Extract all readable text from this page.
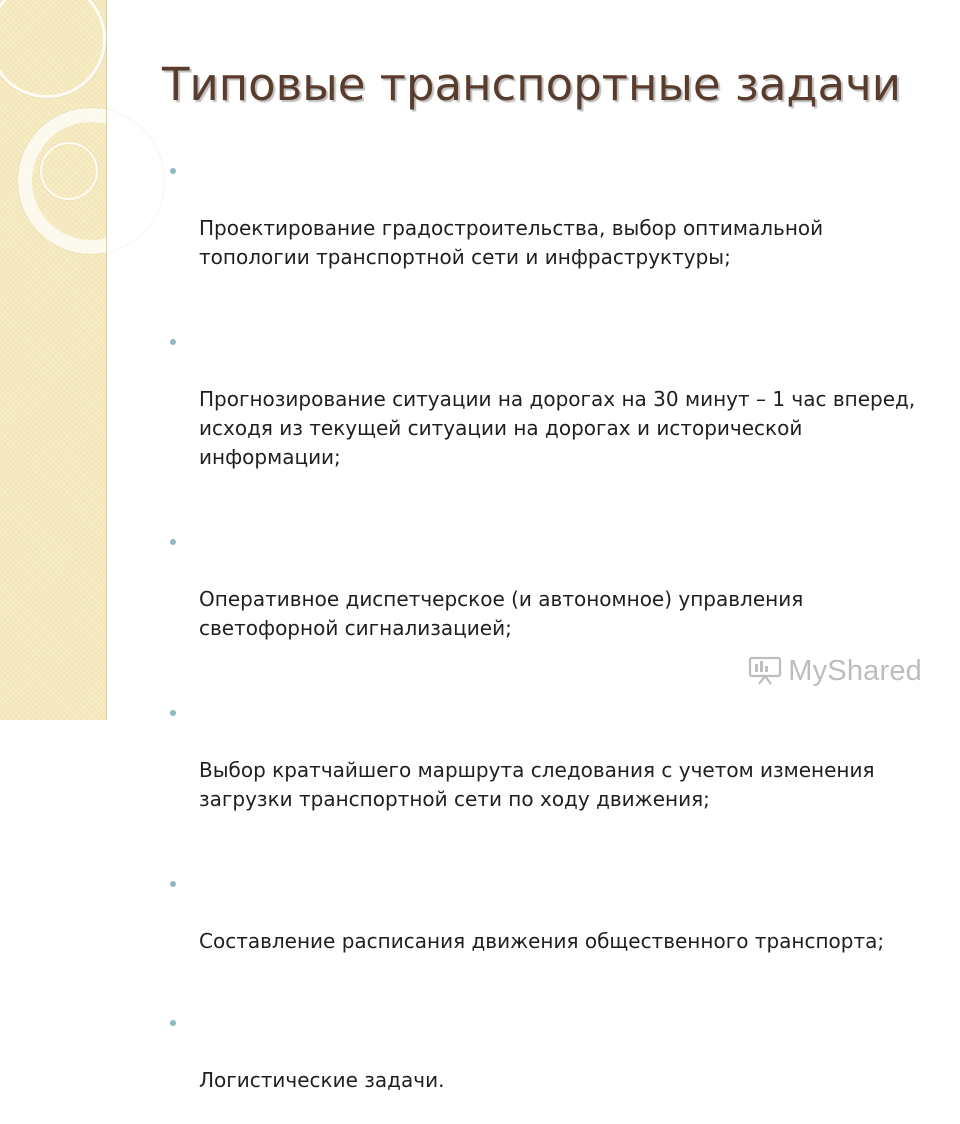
Типовые транспортные задачи

Проектирование градостроительства, выбор оптимальной
топологии транспортной сети и инфраструктуры;

Прогнозирование ситуации на дорогах на 30 минут – 1 час вперед,
исходя из текущей ситуации на дорогах и исторической
информации;

Оперативное диспетчерское (и автономное) управления
светофорной сигнализацией;

Выбор кратчайшего маршрута следования с учетом изменения
загрузки транспортной сети по ходу движения;

Составление расписания движения общественного транспорта;

Логистические задачи.

MyShared
